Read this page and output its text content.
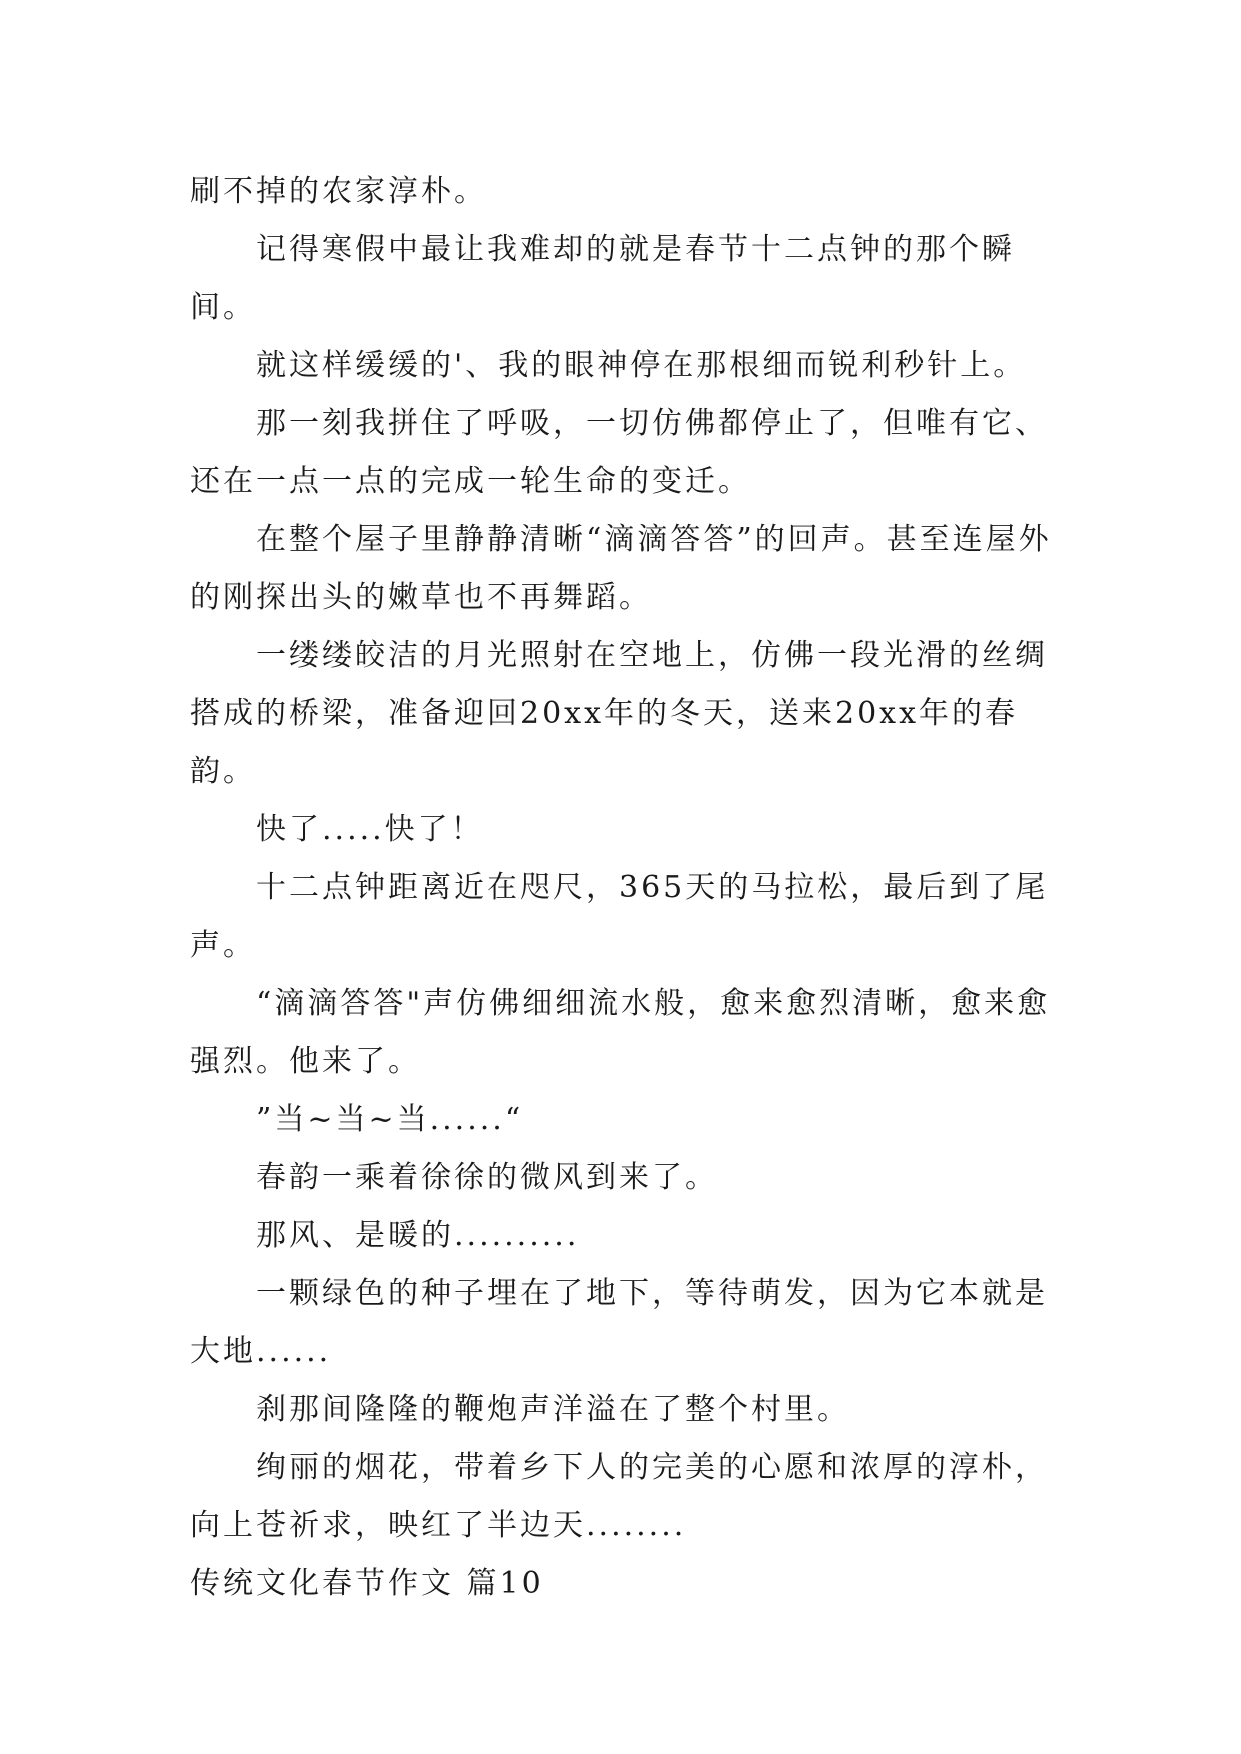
刷不掉的农家淳朴。

记得寒假中最让我难却的就是春节十二点钟的那个瞬间。

就这样缓缓的'、我的眼神停在那根细而锐利秒针上。

那一刻我拼住了呼吸，一切仿佛都停止了，但唯有它、还在一点一点的完成一轮生命的变迁。

在整个屋子里静静清晰“滴滴答答”的回声。甚至连屋外的刚探出头的嫩草也不再舞蹈。

一缕缕皎洁的月光照射在空地上，仿佛一段光滑的丝绸搭成的桥梁，准备迎回20xx年的冬天，送来20xx年的春韵。

快了.....快了！

十二点钟距离近在咫尺，365天的马拉松，最后到了尾声。

“滴滴答答"声仿佛细细流水般，愈来愈烈清晰，愈来愈强烈。他来了。

”当~当~当......“

春韵一乘着徐徐的微风到来了。

那风、是暖的..........

一颗绿色的种子埋在了地下，等待萌发，因为它本就是大地......

刹那间隆隆的鞭炮声洋溢在了整个村里。

绚丽的烟花，带着乡下人的完美的心愿和浓厚的淳朴，向上苍祈求，映红了半边天........

传统文化春节作文 篇10
